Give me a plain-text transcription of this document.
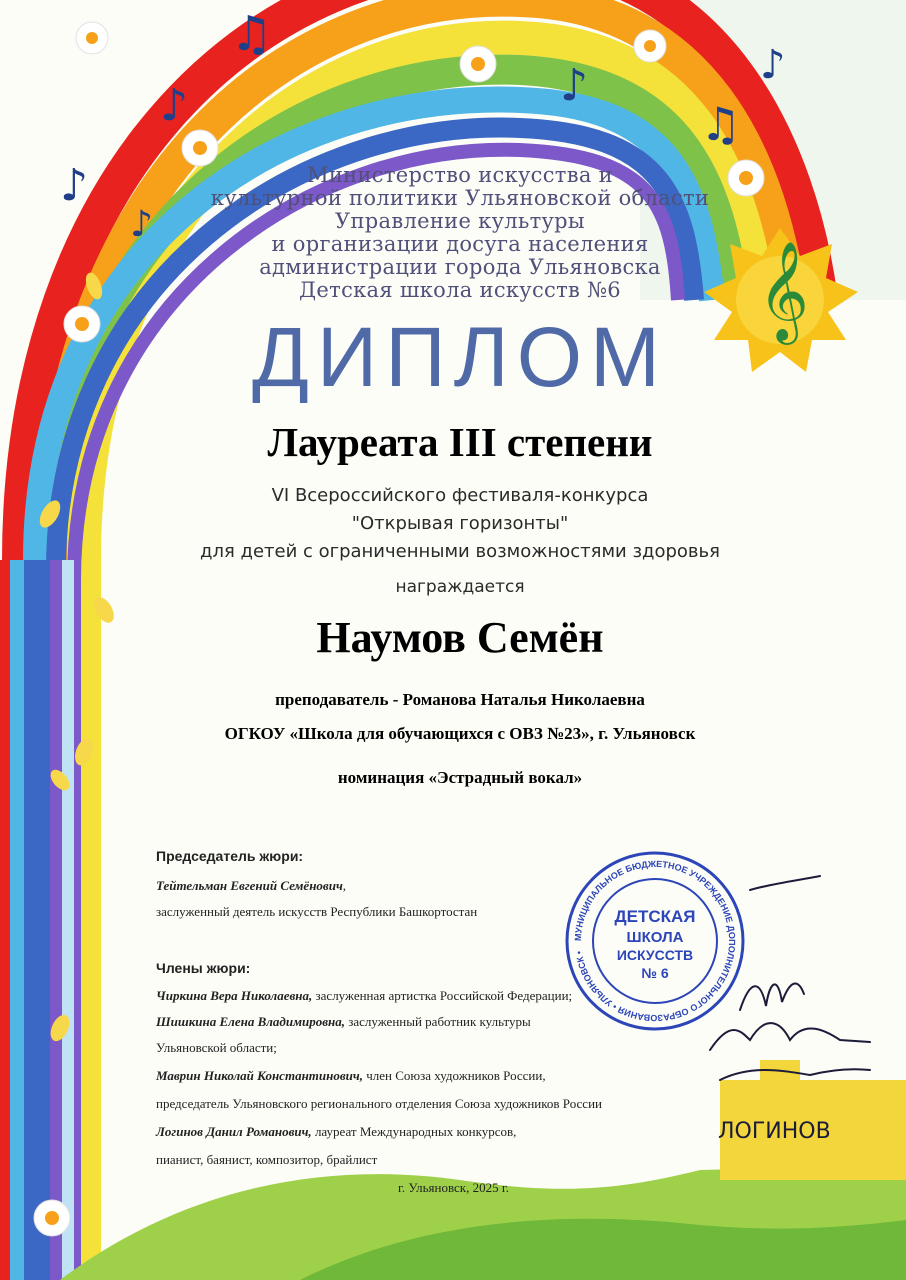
𝄞
♫
♪
♪
♪
♫
♪
♪
Министерство искусства и
культурной политики Ульяновской области
Управление культуры
и организации досуга населения
администрации города Ульяновска
Детская школа искусств №6
ДИПЛОМ
Лауреата III степени
VI Всероссийского фестиваля-конкурса
"Открывая горизонты"
для детей с ограниченными возможностями здоровья
награждается
Наумов Семён
преподаватель - Романова Наталья Николаевна
ОГКОУ «Школа для обучающихся с ОВЗ №23», г. Ульяновск
номинация «Эстрадный вокал»
Председатель жюри:
Тейтельман Евгений Семёнович,
заслуженный деятель искусств Республики Башкортостан
Члены жюри:
Чиркина Вера Николаевна, заслуженная артистка Российской Федерации;
Шишкина Елена Владимировна, заслуженный работник культуры
Ульяновской области;
Маврин Николай Константинович, член Союза художников России,
председатель Ульяновского регионального отделения Союза художников России
Логинов Данил Романович, лауреат Международных конкурсов,
пианист, баянист, композитор, брайлист
г. Ульяновск, 2025 г.
МУНИЦИПАЛЬНОЕ БЮДЖЕТНОЕ УЧРЕЖДЕНИЕ ДОПОЛНИТЕЛЬНОГО ОБРАЗОВАНИЯ • УЛЬЯНОВСК •
ДЕТСКАЯ
ШКОЛА
ИСКУССТВ
№ 6
ЛОГИНОВ
